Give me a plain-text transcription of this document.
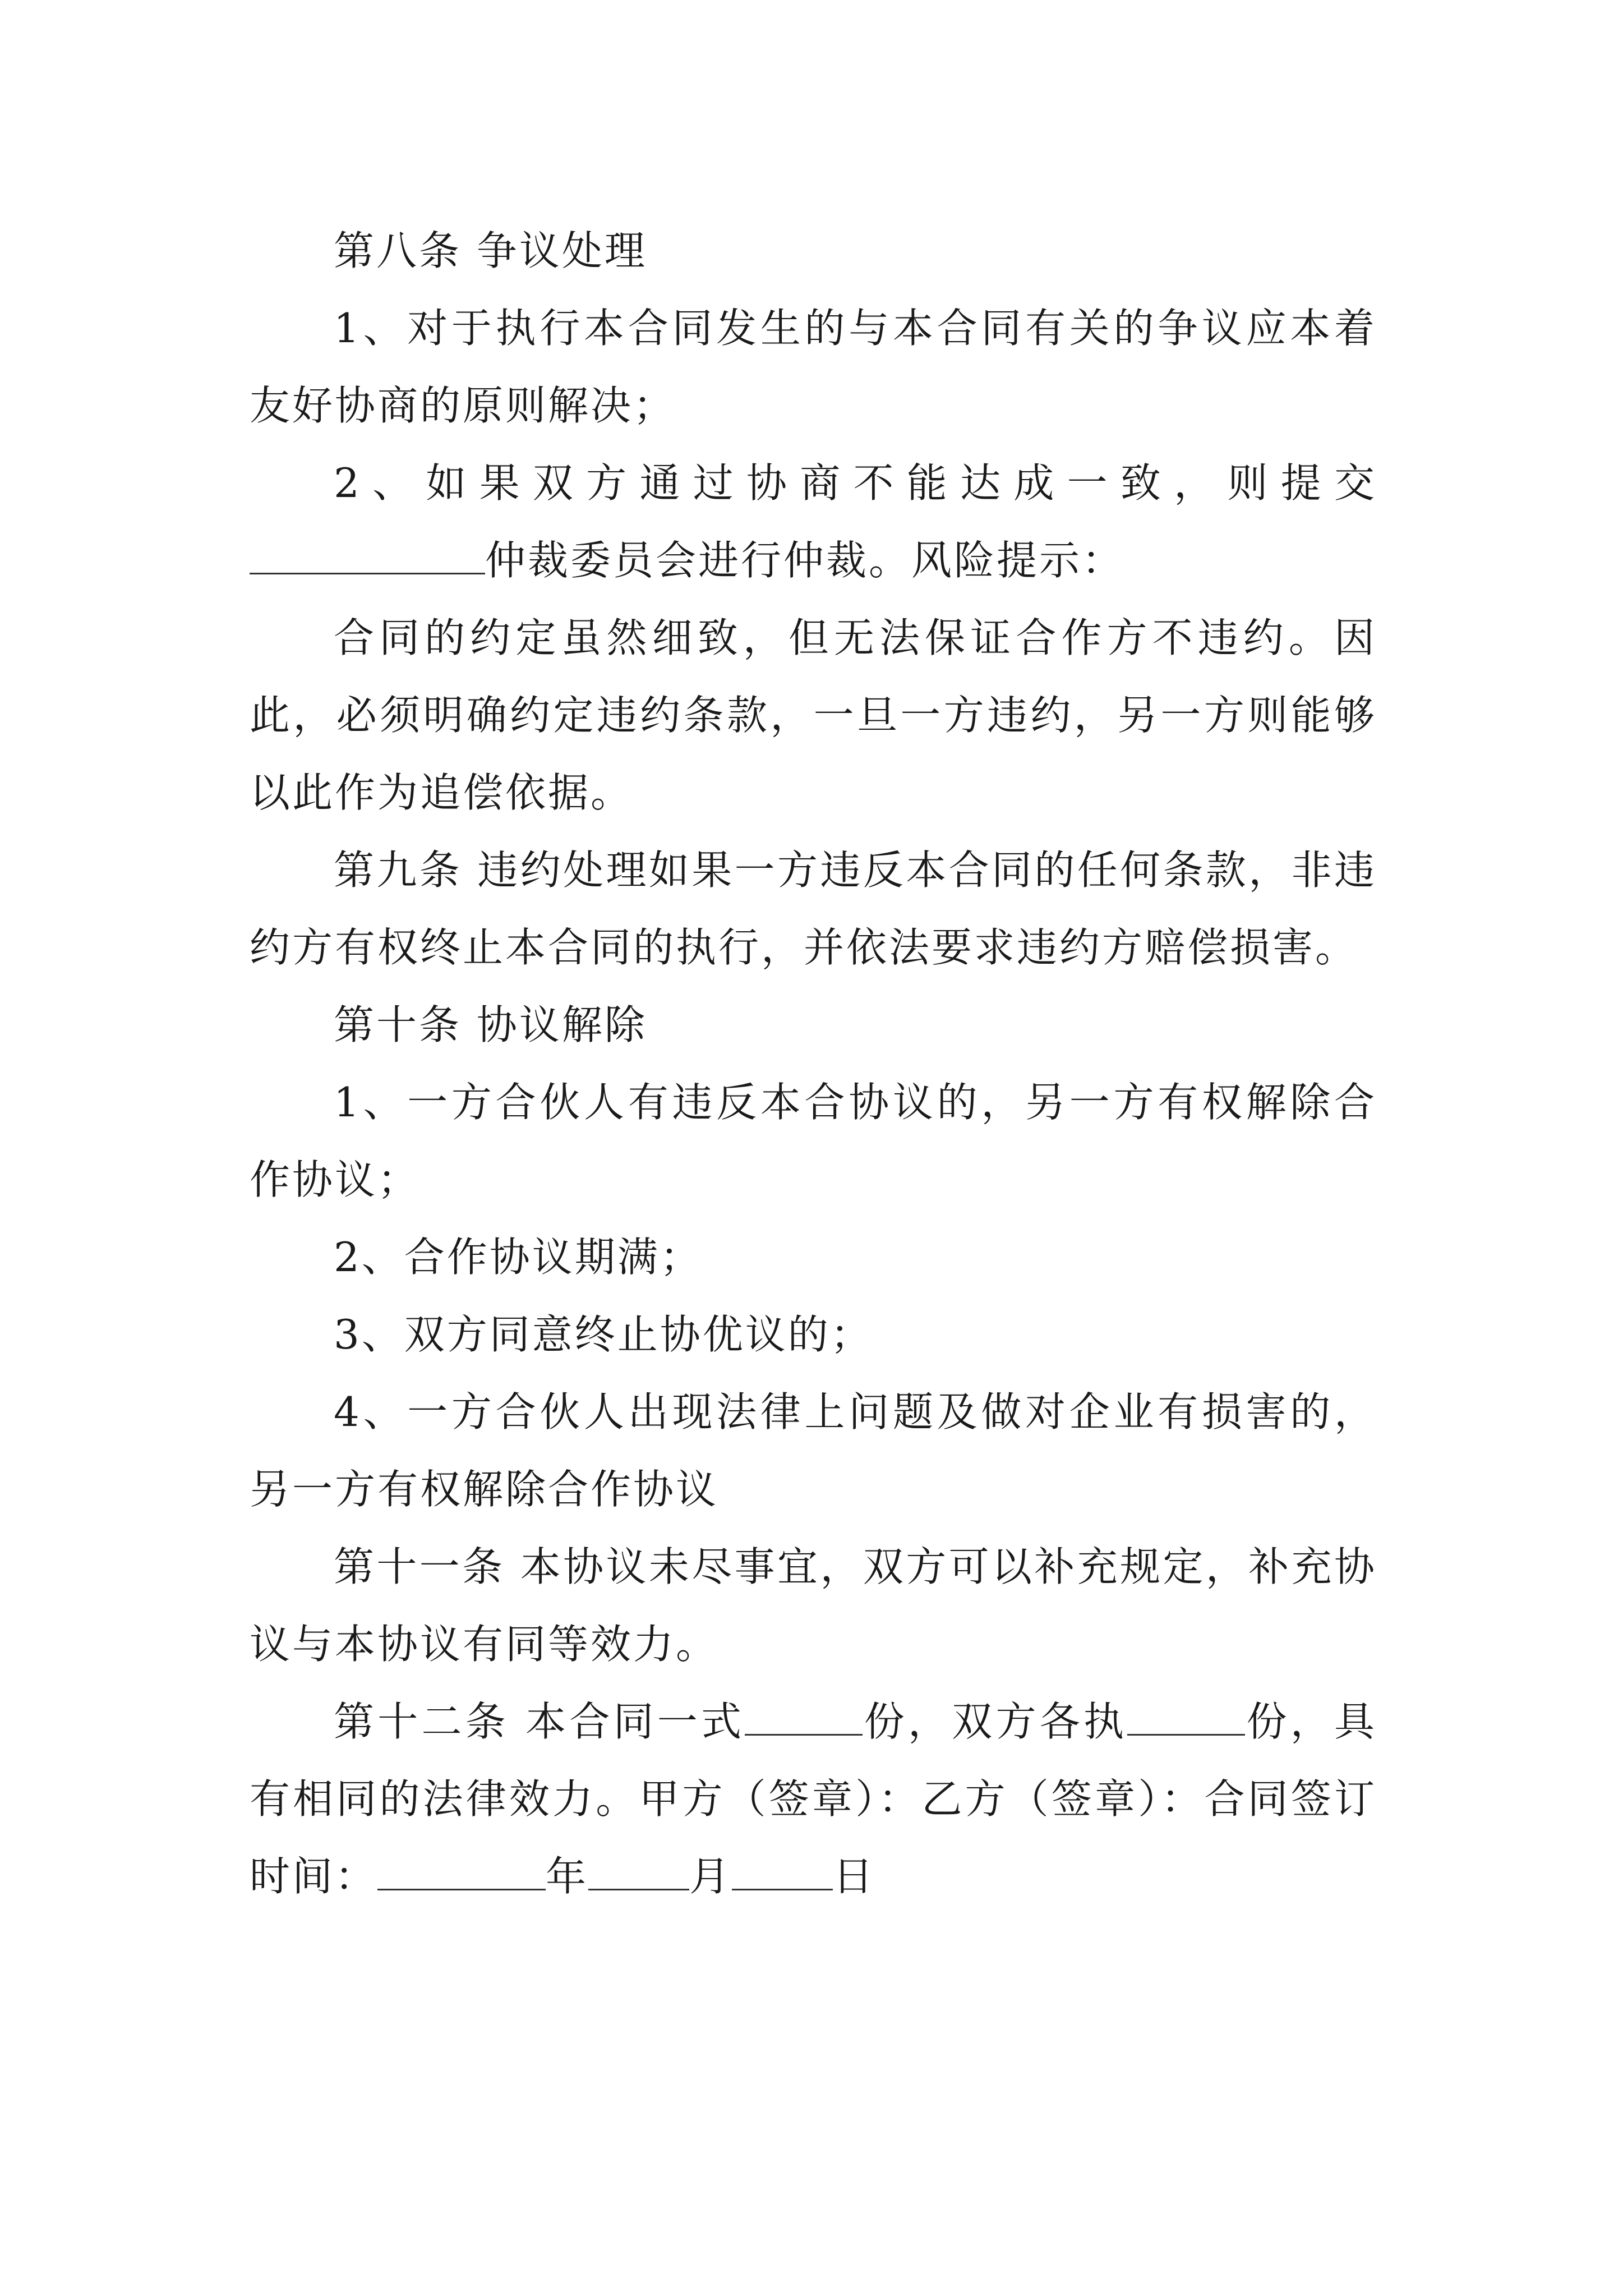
第八条 争议处理

1、对于执行本合同发生的与本合同有关的争议应本着友好协商的原则解决；

2、如果双方通过协商不能达成一致，则提交仲裁委员会进行仲裁。风险提示：

合同的约定虽然细致，但无法保证合作方不违约。因此，必须明确约定违约条款，一旦一方违约，另一方则能够以此作为追偿依据。

第九条 违约处理如果一方违反本合同的任何条款，非违约方有权终止本合同的执行，并依法要求违约方赔偿损害。

第十条 协议解除

1、一方合伙人有违反本合协议的，另一方有权解除合作协议；

2、合作协议期满；

3、双方同意终止协优议的；

4、一方合伙人出现法律上问题及做对企业有损害的，另一方有权解除合作协议

第十一条 本协议未尽事宜，双方可以补充规定，补充协议与本协议有同等效力。

第十二条 本合同一式	份，双方各执	份，具有相同的法律效力。甲方（签章）：乙方（签章）：合同签订时间：	年	月	日
